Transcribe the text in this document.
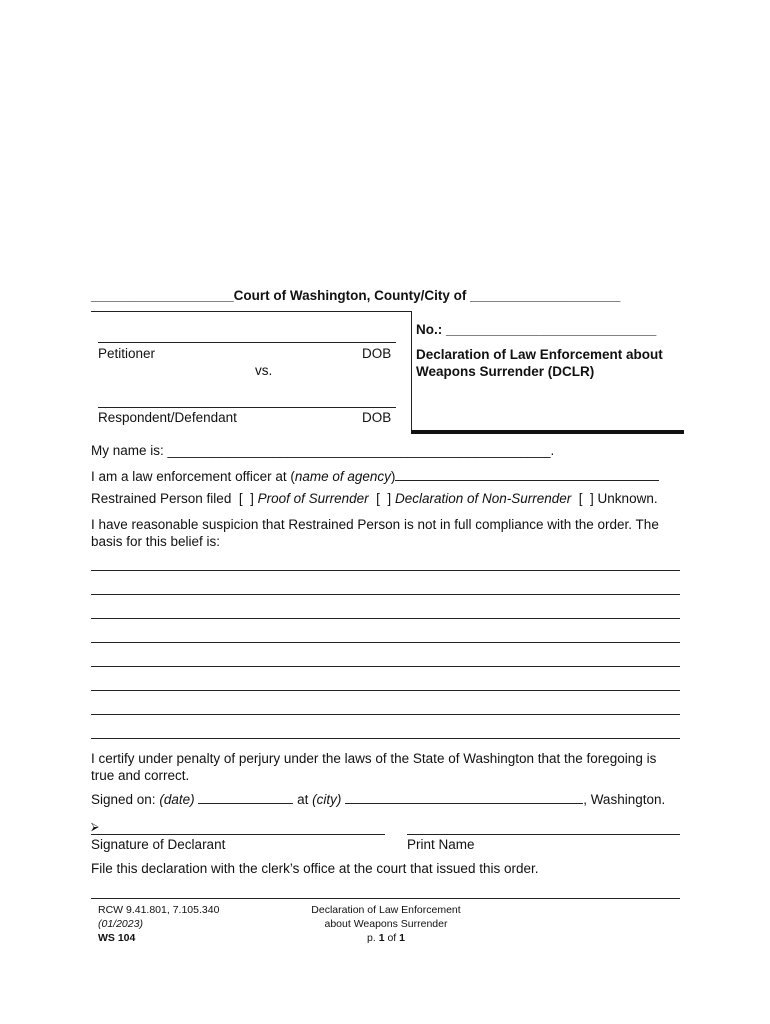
___________________Court of Washington, County/City of ____________________
Petitioner	DOB
vs.
Respondent/Defendant	DOB
No.: ____________________________
Declaration of Law Enforcement about
Weapons Surrender (DCLR)
My name is: ___________________________________________________.
I am a law enforcement officer at (name of agency)
Restrained Person filed  [  ] Proof of Surrender  [  ] Declaration of Non-Surrender  [  ] Unknown.
I have reasonable suspicion that Restrained Person is not in full compliance with the order. The
basis for this belief is:
I certify under penalty of perjury under the laws of the State of Washington that the foregoing is
true and correct.
Signed on: (date)	at (city)	, Washington.
⮚
Signature of Declarant	Print Name
File this declaration with the clerk’s office at the court that issued this order.
RCW 9.41.801, 7.105.340
(01/2023)
WS 104
Declaration of Law Enforcement
about Weapons Surrender
p. 1 of 1
